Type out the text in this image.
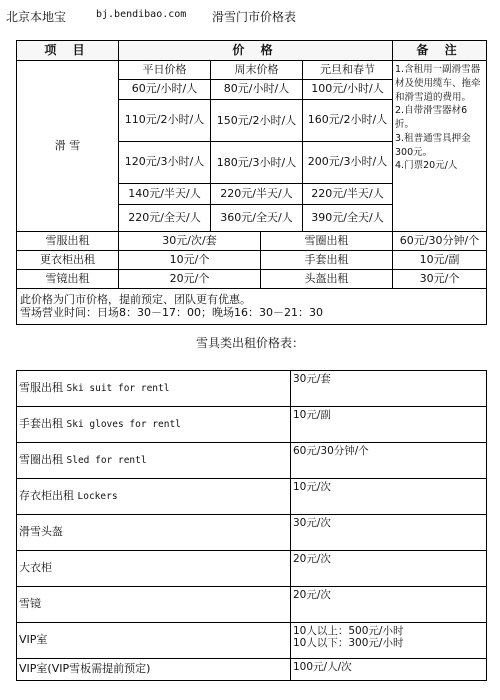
北京本地宝	bj.bendibao.com 滑雪门市价格表
项 目	价 格				备 注
滑 雪	平日价格	周末价格		元旦和春节	1.含租用一副滑雪器材及使用缆车、拖牵和滑雪道的费用。
2.自带滑雪器材6折。
3.租普通雪具押金300元。
4.门票20元/人

	60元/小时/人	80元/小时/人		100元/小时/人	
	110元/2小时/人	150元/2小时/人		160元/2小时/人	
	120元/3小时/人	180元/3小时/人		200元/3小时/人	
	140元/半天/人	220元/半天/人		220元/半天/人	
	220元/全天/人	360元/全天/人		390元/全天/人	
雪服出租	30元/次/套		雪圈出租		60元/30分钟/个
更衣柜出租	10元/个		手套出租		10元/副
雪镜出租	20元/个		头盔出租		30元/个

此价格为门市价格，提前预定、团队更有优惠。
雪场营业时间：日场8：30－17：00；晚场16：30－21：30					
雪具类出租价格表：
雪服出租 Ski suit for rentl	30元/套
手套出租 Ski gloves for rentl	10元/副
雪圈出租 Sled for rentl	60元/30分钟/个
存衣柜出租 Lockers	10元/次
滑雪头盔	30元/次
大衣柜	20元/次
雪镜	20元/次
VIP室	10人以上：500元/小时
10人以下：300元/小时

VIP室(VIP雪板需提前预定)	100元/人/次
